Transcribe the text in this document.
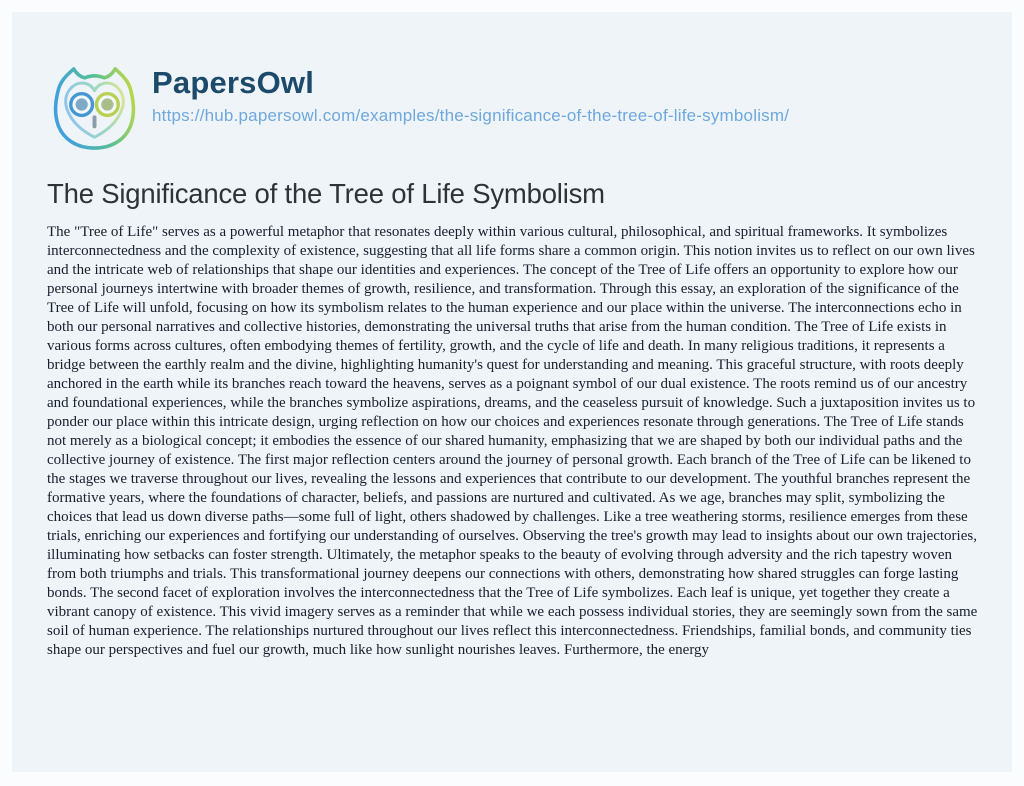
PapersOwl
https://hub.papersowl.com/examples/the-significance-of-the-tree-of-life-symbolism/
The Significance of the Tree of Life Symbolism

The "Tree of Life" serves as a powerful metaphor that resonates deeply within various cultural, philosophical, and spiritual frameworks. It symbolizes interconnectedness and the complexity of existence, suggesting that all life forms share a common origin. This notion invites us to reflect on our own lives and the intricate web of relationships that shape our identities and experiences. The concept of the Tree of Life offers an opportunity to explore how our personal journeys intertwine with broader themes of growth, resilience, and transformation. Through this essay, an exploration of the significance of the Tree of Life will unfold, focusing on how its symbolism relates to the human experience and our place within the universe. The interconnections echo in both our personal narratives and collective histories, demonstrating the universal truths that arise from the human condition. The Tree of Life exists in various forms across cultures, often embodying themes of fertility, growth, and the cycle of life and death. In many religious traditions, it represents a bridge between the earthly realm and the divine, highlighting humanity's quest for understanding and meaning. This graceful structure, with roots deeply anchored in the earth while its branches reach toward the heavens, serves as a poignant symbol of our dual existence. The roots remind us of our ancestry and foundational experiences, while the branches symbolize aspirations, dreams, and the ceaseless pursuit of knowledge. Such a juxtaposition invites us to ponder our place within this intricate design, urging reflection on how our choices and experiences resonate through generations. The Tree of Life stands not merely as a biological concept; it embodies the essence of our shared humanity, emphasizing that we are shaped by both our individual paths and the collective journey of existence. The first major reflection centers around the journey of personal growth. Each branch of the Tree of Life can be likened to the stages we traverse throughout our lives, revealing the lessons and experiences that contribute to our development. The youthful branches represent the formative years, where the foundations of character, beliefs, and passions are nurtured and cultivated. As we age, branches may split, symbolizing the choices that lead us down diverse paths—some full of light, others shadowed by challenges. Like a tree weathering storms, resilience emerges from these trials, enriching our experiences and fortifying our understanding of ourselves. Observing the tree's growth may lead to insights about our own trajectories, illuminating how setbacks can foster strength. Ultimately, the metaphor speaks to the beauty of evolving through adversity and the rich tapestry woven from both triumphs and trials. This transformational journey deepens our connections with others, demonstrating how shared struggles can forge lasting bonds. The second facet of exploration involves the interconnectedness that the Tree of Life symbolizes. Each leaf is unique, yet together they create a vibrant canopy of existence. This vivid imagery serves as a reminder that while we each possess individual stories, they are seemingly sown from the same soil of human experience. The relationships nurtured throughout our lives reflect this interconnectedness. Friendships, familial bonds, and community ties shape our perspectives and fuel our growth, much like how sunlight nourishes leaves. Furthermore, the energy
